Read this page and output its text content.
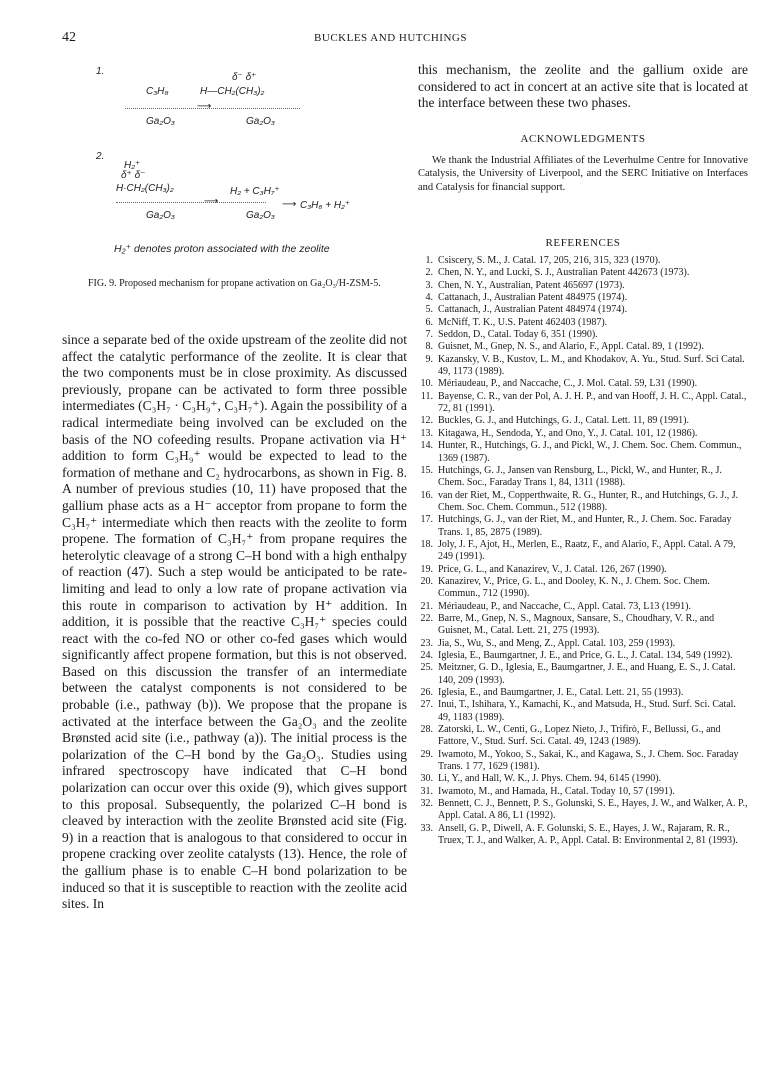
42	BUCKLES AND HUTCHINGS
1.
δ⁻ δ⁺
C₃H₈	H—CH₂(CH₃)₂
⟶
Ga₂O₃	Ga₂O₃
2.
H₂⁺
δ⁺ δ⁻
H·CH₂(CH₃)₂	H₂ + C₃H₇⁺
⟶	⟶ C₃H₆ + H₂⁺
Ga₂O₃	Ga₂O₃
H₂⁺ denotes proton associated with the zeolite
FIG. 9. Proposed mechanism for propane activation on Ga₂O₃/H-ZSM-5.

since a separate bed of the oxide upstream of the zeolite did not affect the catalytic performance of the zeolite. It is clear that the two components must be in close proximity. As discussed previously, propane can be activated to form three possible intermediates (C₃H₇ · C₃H₉⁺, C₃H₇⁺). Again the possibility of a radical intermediate being involved can be excluded on the basis of the NO cofeeding results. Propane activation via H⁺ addition to form C₃H₉⁺ would be expected to lead to the formation of methane and C₂ hydrocarbons, as shown in Fig. 8. A number of previous studies (10, 11) have proposed that the gallium phase acts as a H⁻ acceptor from propane to form the C₃H₇⁺ intermediate which then reacts with the zeolite to form propene. The formation of C₃H₇⁺ from propane requires the heterolytic cleavage of a strong C–H bond with a high enthalpy of reaction (47). Such a step would be anticipated to be rate-limiting and lead to only a low rate of propane activation via this route in comparison to activation by H⁺ addition. In addition, it is possible that the reactive C₃H₇⁺ species could react with the co-fed NO or other co-fed gases which would significantly affect propene formation, but this is not observed. Based on this discussion the transfer of an intermediate between the catalyst components is not considered to be probable (i.e., pathway (b)). We propose that the propane is activated at the interface between the Ga₂O₃ and the zeolite Brønsted acid site (i.e., pathway (a)). The initial process is the polarization of the C–H bond by the Ga₂O₃. Studies using infrared spectroscopy have indicated that C–H bond polarization can occur over this oxide (9), which gives support to this proposal. Subsequently, the polarized C–H bond is cleaved by interaction with the zeolite Brønsted acid site (Fig. 9) in a reaction that is analogous to that considered to occur in propene cracking over zeolite catalysts (13). Hence, the role of the gallium phase is to enable C–H bond polarization to be induced so that it is susceptible to reaction with the zeolite acid sites. In

this mechanism, the zeolite and the gallium oxide are considered to act in concert at an active site that is located at the interface between these two phases.

ACKNOWLEDGMENTS
We thank the Industrial Affiliates of the Leverhulme Centre for Innovative Catalysis, the University of Liverpool, and the SERC Initiative on Interfaces and Catalysis for financial support.
REFERENCES
1. Csiscery, S. M., J. Catal. 17, 205, 216, 315, 323 (1970).
2. Chen, N. Y., and Lucki, S. J., Australian Patent 442673 (1973).
3. Chen, N. Y., Australian, Patent 465697 (1973).
4. Cattanach, J., Australian Patent 484975 (1974).
5. Cattanach, J., Australian Patent 484974 (1974).
6. McNiff, T. K., U.S. Patent 462403 (1987).
7. Seddon, D., Catal. Today 6, 351 (1990).
8. Guisnet, M., Gnep, N. S., and Alario, F., Appl. Catal. 89, 1 (1992).
9. Kazansky, V. B., Kustov, L. M., and Khodakov, A. Yu., Stud. Surf. Sci Catal. 49, 1173 (1989).
10. Mériaudeau, P., and Naccache, C., J. Mol. Catal. 59, L31 (1990).
11. Bayense, C. R., van der Pol, A. J. H. P., and van Hooff, J. H. C., Appl. Catal., 72, 81 (1991).
12. Buckles, G. J., and Hutchings, G. J., Catal. Lett. 11, 89 (1991).
13. Kitagawa, H., Sendoda, Y., and Ono, Y., J. Catal. 101, 12 (1986).
14. Hunter, R., Hutchings, G. J., and Pickl, W., J. Chem. Soc. Chem. Commun., 1369 (1987).
15. Hutchings, G. J., Jansen van Rensburg, L., Pickl, W., and Hunter, R., J. Chem. Soc., Faraday Trans 1, 84, 1311 (1988).
16. van der Riet, M., Copperthwaite, R. G., Hunter, R., and Hutchings, G. J., J. Chem. Soc. Chem. Commun., 512 (1988).
17. Hutchings, G. J., van der Riet, M., and Hunter, R., J. Chem. Soc. Faraday Trans. 1, 85, 2875 (1989).
18. Joly, J. F., Ajot, H., Merlen, E., Raatz, F., and Alario, F., Appl. Catal. A 79, 249 (1991).
19. Price, G. L., and Kanazirev, V., J. Catal. 126, 267 (1990).
20. Kanazirev, V., Price, G. L., and Dooley, K. N., J. Chem. Soc. Chem. Commun., 712 (1990).
21. Mériaudeau, P., and Naccache, C., Appl. Catal. 73, L13 (1991).
22. Barre, M., Gnep, N. S., Magnoux, Sansare, S., Choudhary, V. R., and Guisnet, M., Catal. Lett. 21, 275 (1993).
23. Jia, S., Wu, S., and Meng, Z., Appl. Catal. 103, 259 (1993).
24. Iglesia, E., Baumgartner, J. E., and Price, G. L., J. Catal. 134, 549 (1992).
25. Meitzner, G. D., Iglesia, E., Baumgartner, J. E., and Huang, E. S., J. Catal. 140, 209 (1993).
26. Iglesia, E., and Baumgartner, J. E., Catal. Lett. 21, 55 (1993).
27. Inui, T., Ishihara, Y., Kamachi, K., and Matsuda, H., Stud. Surf. Sci. Catal. 49, 1183 (1989).
28. Zatorski, L. W., Centi, G., Lopez Nieto, J., Trifirò, F., Bellussi, G., and Fattore, V., Stud. Surf. Sci. Catal. 49, 1243 (1989).
29. Iwamoto, M., Yokoo, S., Sakai, K., and Kagawa, S., J. Chem. Soc. Faraday Trans. 1 77, 1629 (1981).
30. Li, Y., and Hall, W. K., J. Phys. Chem. 94, 6145 (1990).
31. Iwamoto, M., and Hamada, H., Catal. Today 10, 57 (1991).
32. Bennett, C. J., Bennett, P. S., Golunski, S. E., Hayes, J. W., and Walker, A. P., Appl. Catal. A 86, L1 (1992).
33. Ansell, G. P., Diwell, A. F. Golunski, S. E., Hayes, J. W., Rajaram, R. R., Truex, T. J., and Walker, A. P., Appl. Catal. B: Environmental 2, 81 (1993).
